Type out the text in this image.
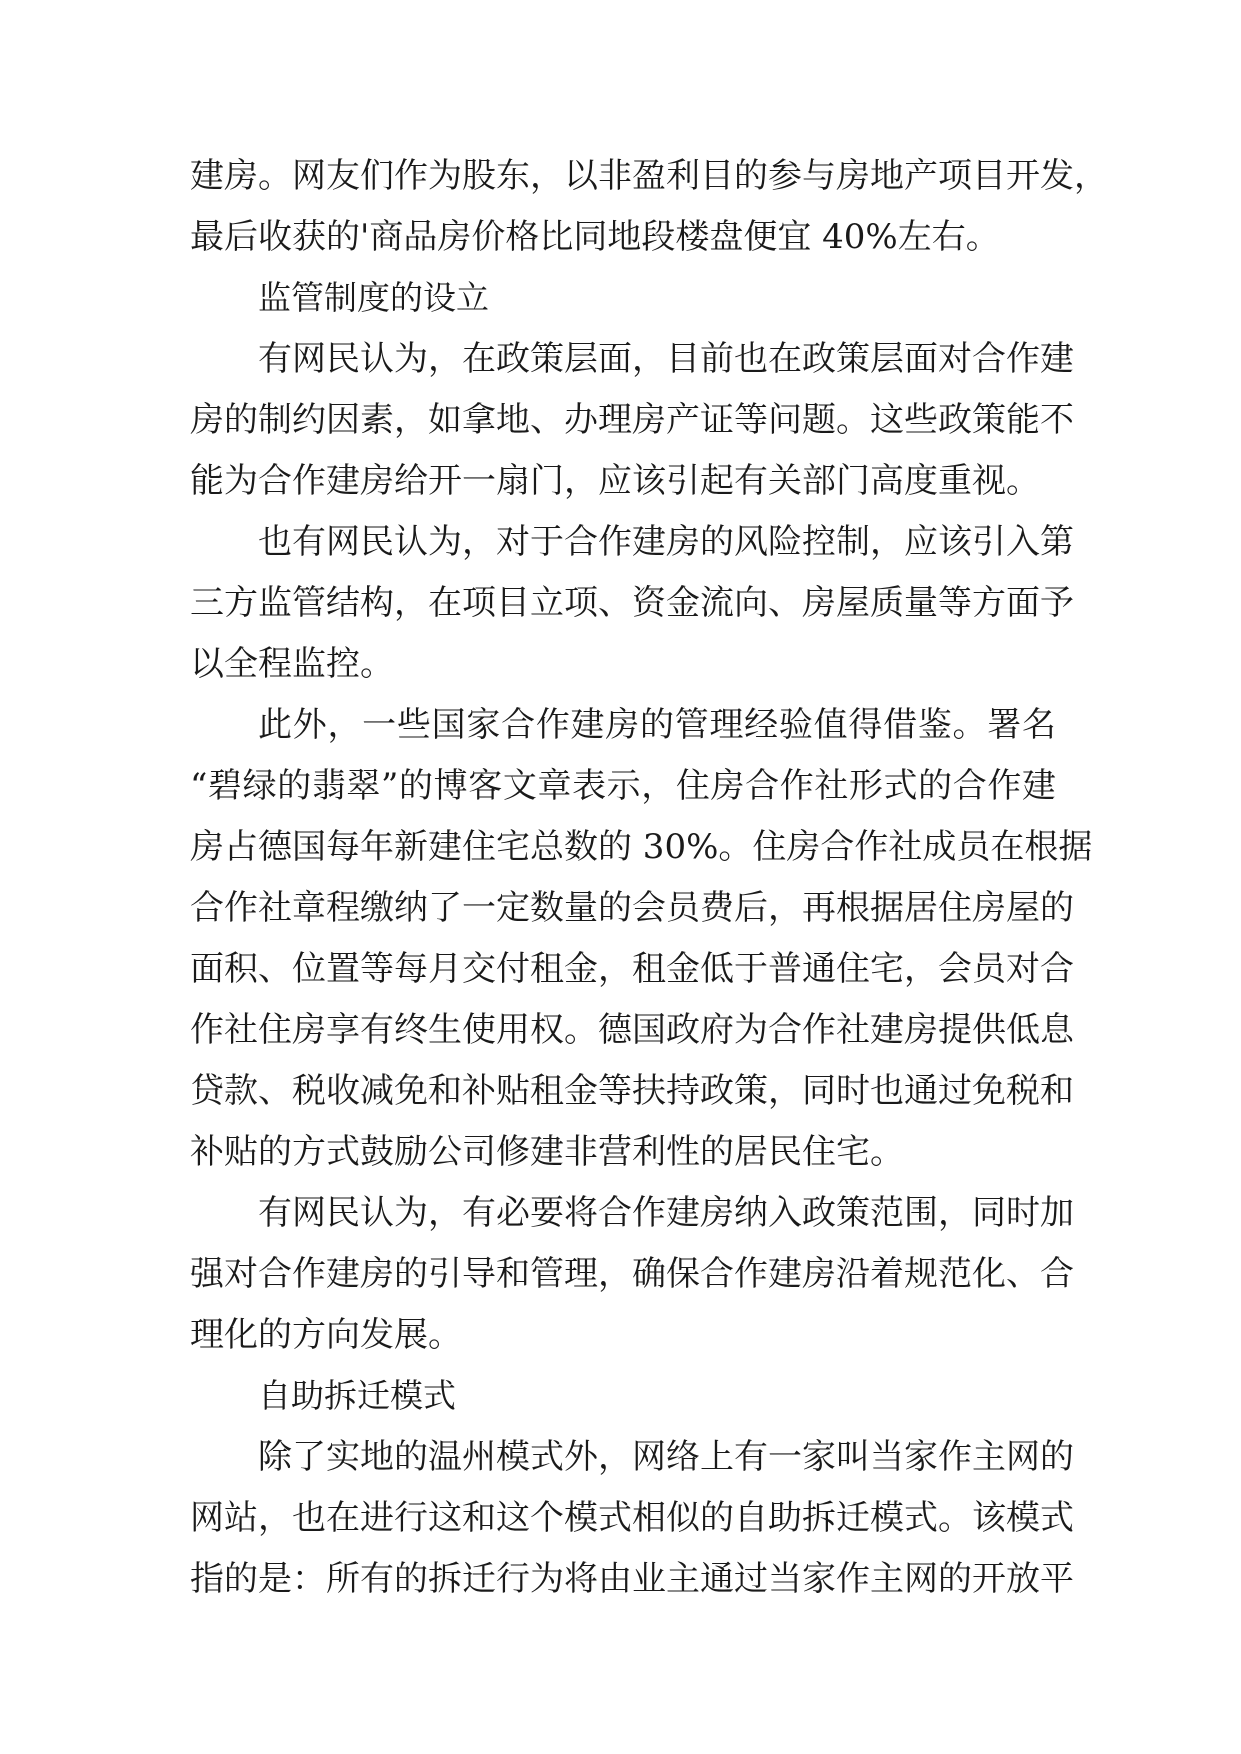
建房。网友们作为股东，以非盈利目的参与房地产项目开发，
最后收获的'商品房价格比同地段楼盘便宜 40%左右。
监管制度的设立
有网民认为，在政策层面，目前也在政策层面对合作建
房的制约因素，如拿地、办理房产证等问题。这些政策能不
能为合作建房给开一扇门，应该引起有关部门高度重视。
也有网民认为，对于合作建房的风险控制，应该引入第
三方监管结构，在项目立项、资金流向、房屋质量等方面予
以全程监控。
此外，一些国家合作建房的管理经验值得借鉴。署名
“碧绿的翡翠”的博客文章表示，住房合作社形式的合作建
房占德国每年新建住宅总数的 30%。住房合作社成员在根据
合作社章程缴纳了一定数量的会员费后，再根据居住房屋的
面积、位置等每月交付租金，租金低于普通住宅，会员对合
作社住房享有终生使用权。德国政府为合作社建房提供低息
贷款、税收减免和补贴租金等扶持政策，同时也通过免税和
补贴的方式鼓励公司修建非营利性的居民住宅。
有网民认为，有必要将合作建房纳入政策范围，同时加
强对合作建房的引导和管理，确保合作建房沿着规范化、合
理化的方向发展。
自助拆迁模式
除了实地的温州模式外，网络上有一家叫当家作主网的
网站，也在进行这和这个模式相似的自助拆迁模式。该模式
指的是：所有的拆迁行为将由业主通过当家作主网的开放平
